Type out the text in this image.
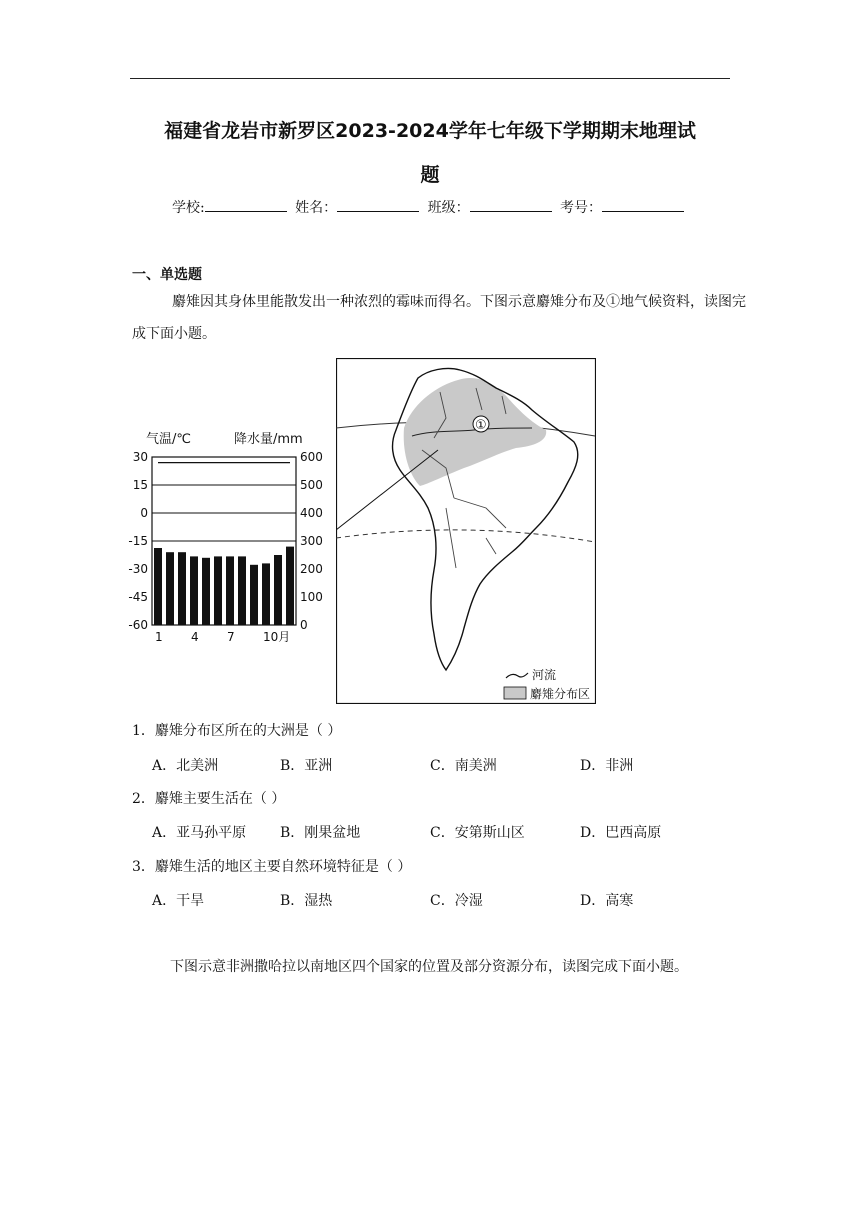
福建省龙岩市新罗区2023-2024学年七年级下学期期末地理试
题
学校:	姓名：	班级：	考号：
一、单选题
麝雉因其身体里能散发出一种浓烈的霉味而得名。下图示意麝雉分布及①地气候资料，读图完成下面小题。
气温/℃	降水量/mm
30
15
0
-15
-30
-45
-60
600
500
400
300
200
100
0
1 4 7 10月
①
河流
麝雉分布区
1．麝雉分布区所在的大洲是（ ）
A．北美洲	B．亚洲	C．南美洲	D．非洲
2．麝雉主要生活在（ ）
A．亚马孙平原 B．刚果盆地	C．安第斯山区	D．巴西高原
3．麝雉生活的地区主要自然环境特征是（ ）
A．干旱	B．湿热	C．冷湿	D．高寒
下图示意非洲撒哈拉以南地区四个国家的位置及部分资源分布，读图完成下面小题。
